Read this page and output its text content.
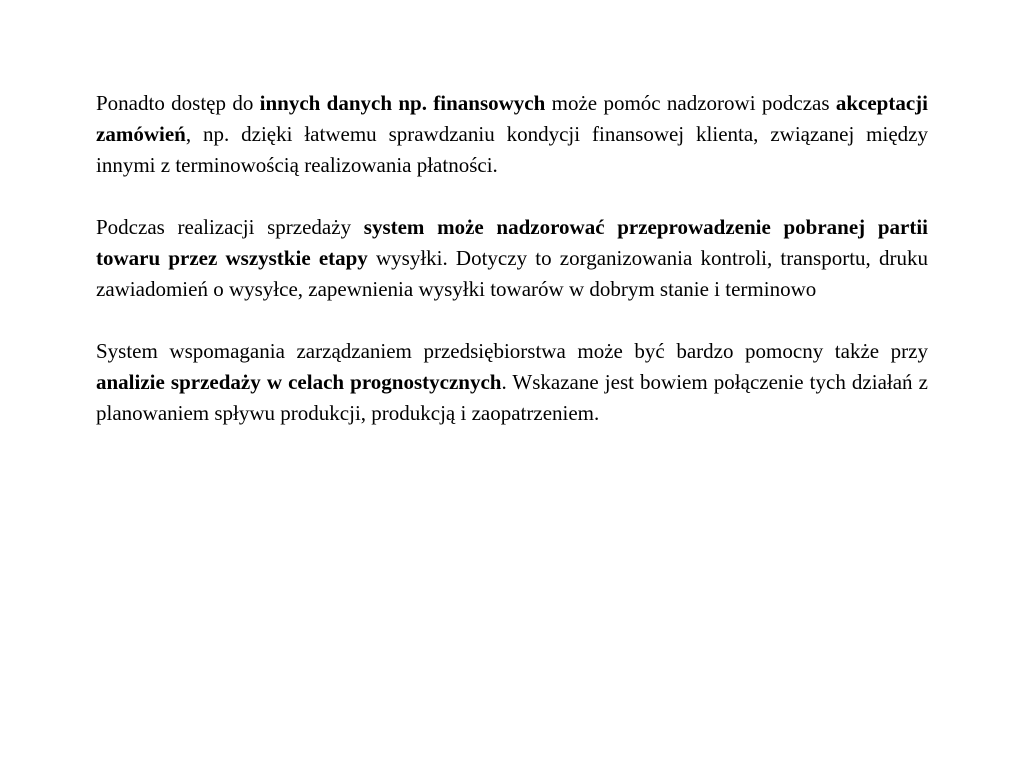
Ponadto dostęp do innych danych np. finansowych może pomóc nadzorowi podczas akceptacji zamówień, np. dzięki łatwemu sprawdzaniu kondycji finansowej klienta, związanej między innymi z terminowością realizowania płatności.

Podczas realizacji sprzedaży system może nadzorować przeprowadzenie pobranej partii towaru przez wszystkie etapy wysyłki. Dotyczy to zorganizowania kontroli, transportu, druku zawiadomień o wysyłce, zapewnienia wysyłki towarów w dobrym stanie i terminowo

System wspomagania zarządzaniem przedsiębiorstwa może być bardzo pomocny także przy analizie sprzedaży w celach prognostycznych. Wskazane jest bowiem połączenie tych działań z planowaniem spływu produkcji, produkcją i zaopatrzeniem.
